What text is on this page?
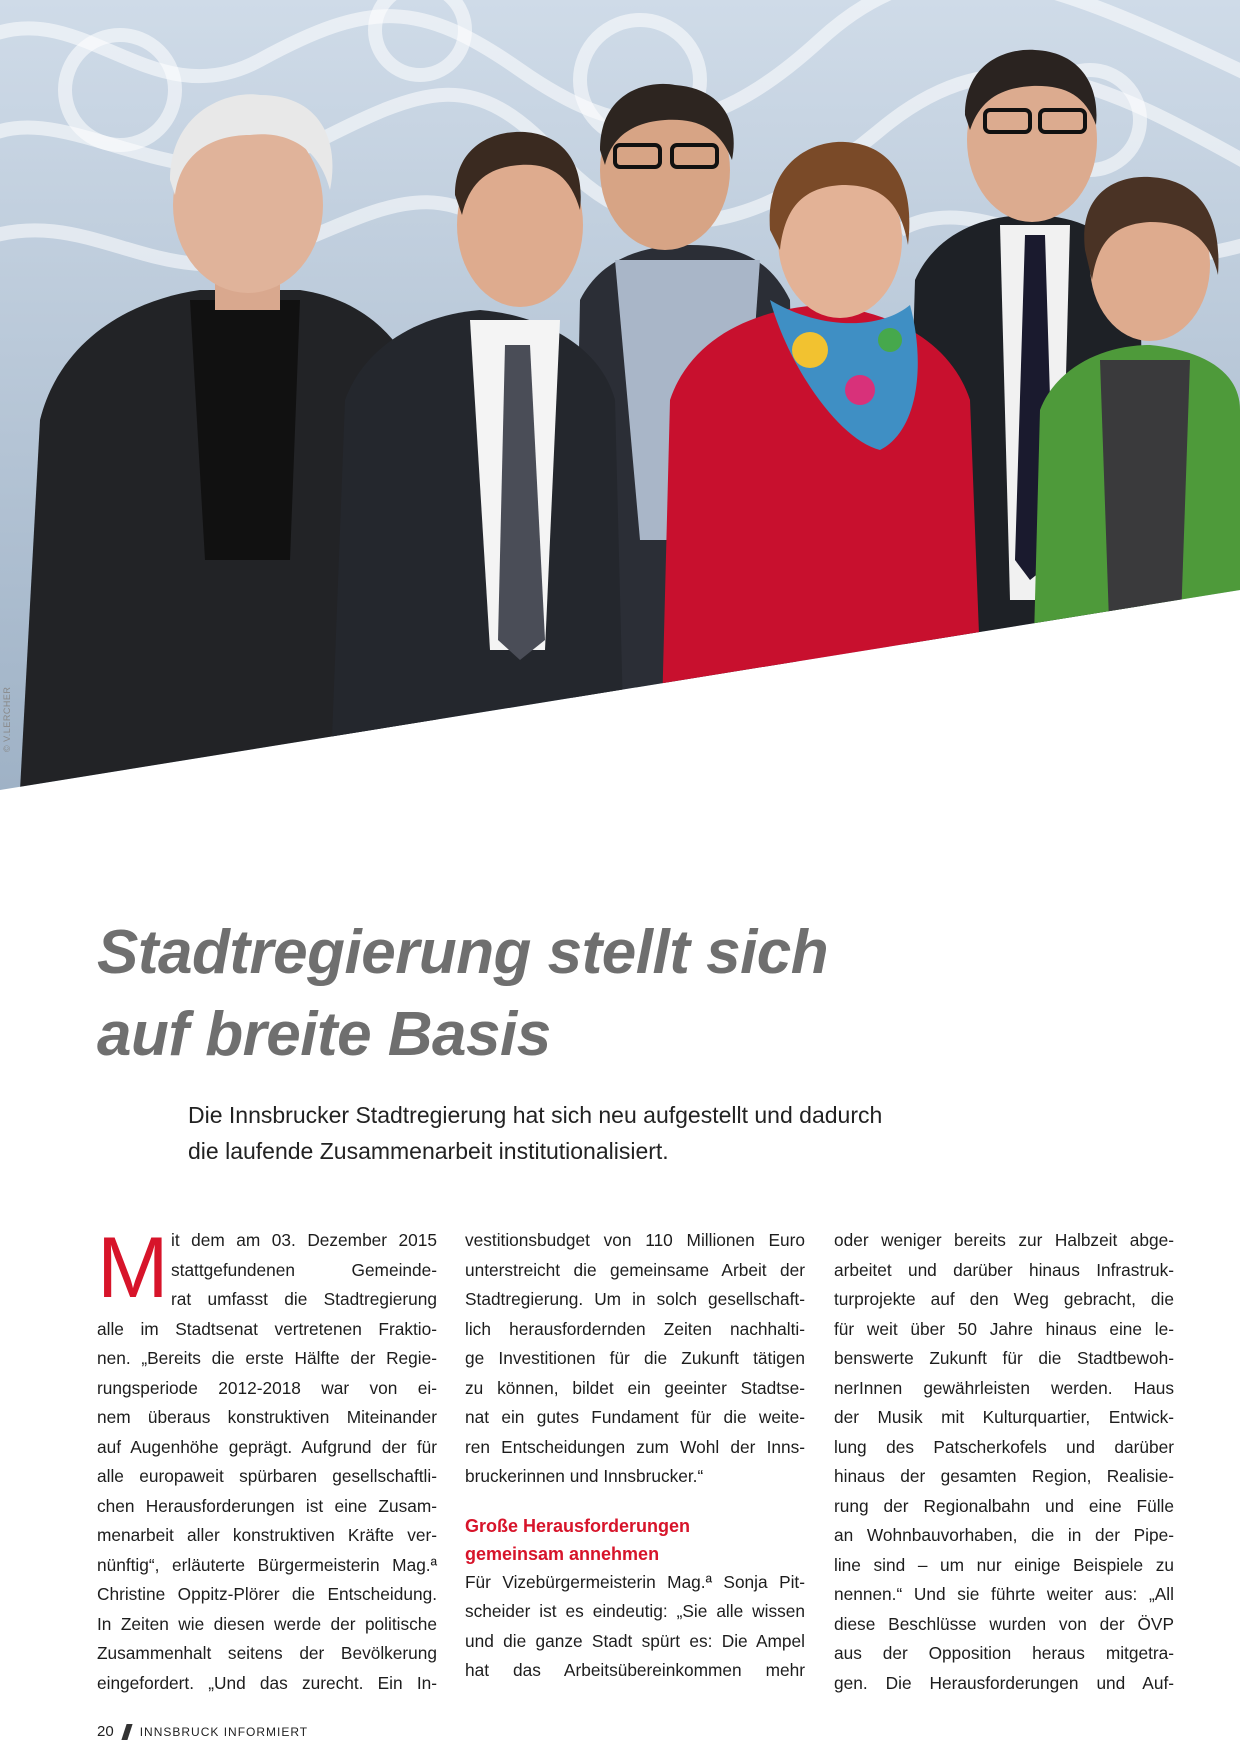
© V.LERCHER
Stadtregierung stellt sich
auf breite Basis

Die Innsbrucker Stadtregierung hat sich neu aufgestellt und dadurch
die laufende Zusammenarbeit institutionalisiert.

M it dem am 03. Dezember 2015
stattgefundenen Gemeinde-
rat umfasst die Stadtregierung
alle im Stadtsenat vertretenen Fraktio-
nen. „Bereits die erste Hälfte der Regie-
rungsperiode 2012-2018 war von ei-
nem überaus konstruktiven Miteinander
auf Augenhöhe geprägt. Aufgrund der für
alle europaweit spürbaren gesellschaftli-
chen Herausforderungen ist eine Zusam-
menarbeit aller konstruktiven Kräfte ver-
nünftig“, erläuterte Bürgermeisterin Mag.ª
Christine Oppitz-Plörer die Entscheidung.
In Zeiten wie diesen werde der politische
Zusammenhalt seitens der Bevölkerung
eingefordert. „Und das zurecht. Ein In-
vestitionsbudget von 110 Millionen Euro
unterstreicht die gemeinsame Arbeit der
Stadtregierung. Um in solch gesellschaft-
lich herausfordernden Zeiten nachhalti-
ge Investitionen für die Zukunft tätigen
zu können, bildet ein geeinter Stadtse-
nat ein gutes Fundament für die weite-
ren Entscheidungen zum Wohl der Inns-
bruckerinnen und Innsbrucker.“
Große Herausforderungen
gemeinsam annehmen
Für Vizebürgermeisterin Mag.ª Sonja Pit-
scheider ist es eindeutig: „Sie alle wissen
und die ganze Stadt spürt es: Die Ampel
hat das Arbeitsübereinkommen mehr
oder weniger bereits zur Halbzeit abge-
arbeitet und darüber hinaus Infrastruk-
turprojekte auf den Weg gebracht, die
für weit über 50 Jahre hinaus eine le-
benswerte Zukunft für die Stadtbewoh-
nerInnen gewährleisten werden. Haus
der Musik mit Kulturquartier, Entwick-
lung des Patscherkofels und darüber
hinaus der gesamten Region, Realisie-
rung der Regionalbahn und eine Fülle
an Wohnbauvorhaben, die in der Pipe-
line sind – um nur einige Beispiele zu
nennen.“ Und sie führte weiter aus: „All
diese Beschlüsse wurden von der ÖVP
aus der Opposition heraus mitgetra-
gen. Die Herausforderungen und Auf-
20 INNSBRUCK INFORMIERT
